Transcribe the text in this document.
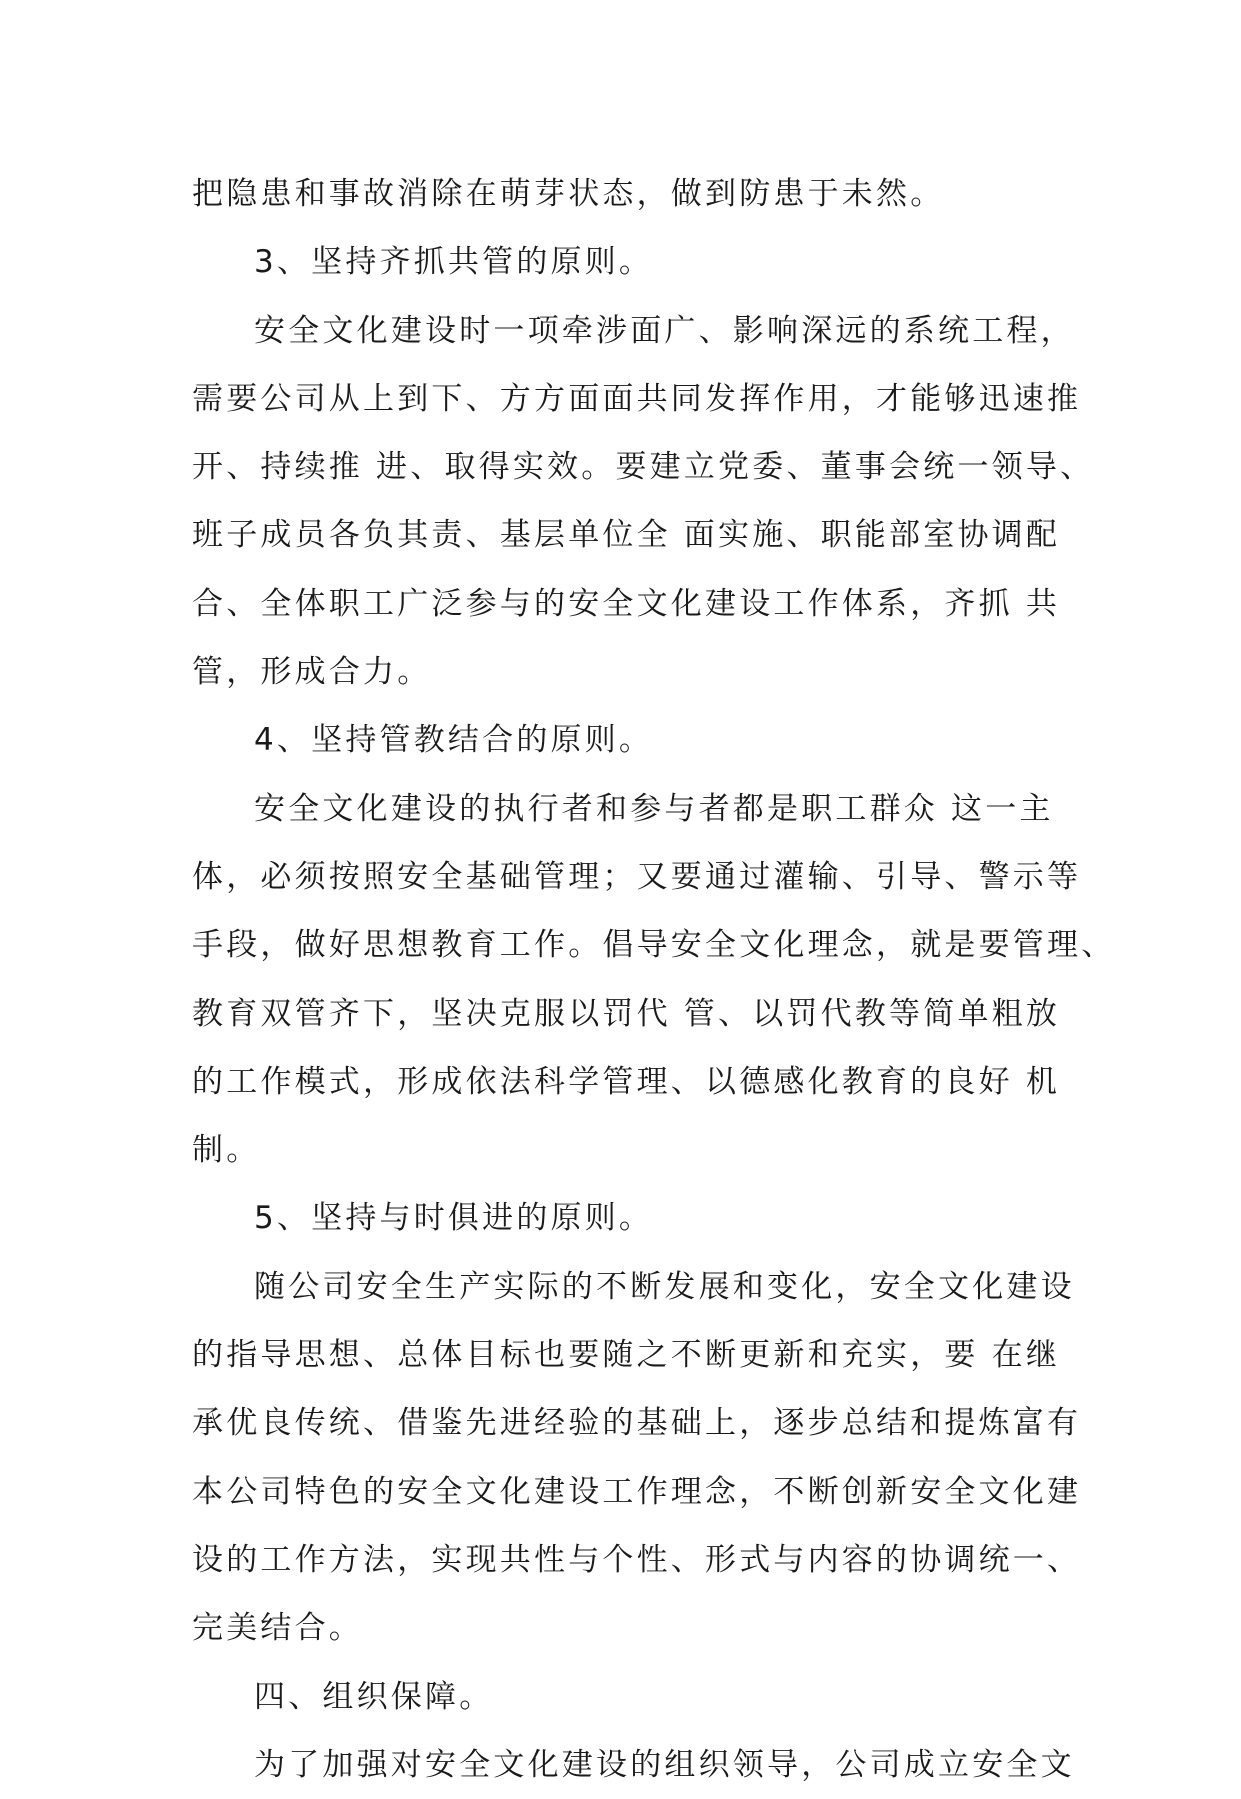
把隐患和事故消除在萌芽状态，做到防患于未然。
3、坚持齐抓共管的原则。
安全文化建设时一项牵涉面广、影响深远的系统工程，
需要公司从上到下、方方面面共同发挥作用，才能够迅速推
开、持续推 进、取得实效。要建立党委、董事会统一领导、
班子成员各负其责、基层单位全 面实施、职能部室协调配
合、全体职工广泛参与的安全文化建设工作体系，齐抓 共
管，形成合力。
4、坚持管教结合的原则。
安全文化建设的执行者和参与者都是职工群众 这一主
体，必须按照安全基础管理；又要通过灌输、引导、警示等
手段，做好思想教育工作。倡导安全文化理念，就是要管理、
教育双管齐下，坚决克服以罚代 管、以罚代教等简单粗放
的工作模式，形成依法科学管理、以德感化教育的良好 机
制。
5、坚持与时俱进的原则。
随公司安全生产实际的不断发展和变化，安全文化建设
的指导思想、总体目标也要随之不断更新和充实，要 在继
承优良传统、借鉴先进经验的基础上，逐步总结和提炼富有
本公司特色的安全文化建设工作理念，不断创新安全文化建
设的工作方法，实现共性与个性、形式与内容的协调统一、
完美结合。
四、组织保障。
为了加强对安全文化建设的组织领导，公司成立安全文
